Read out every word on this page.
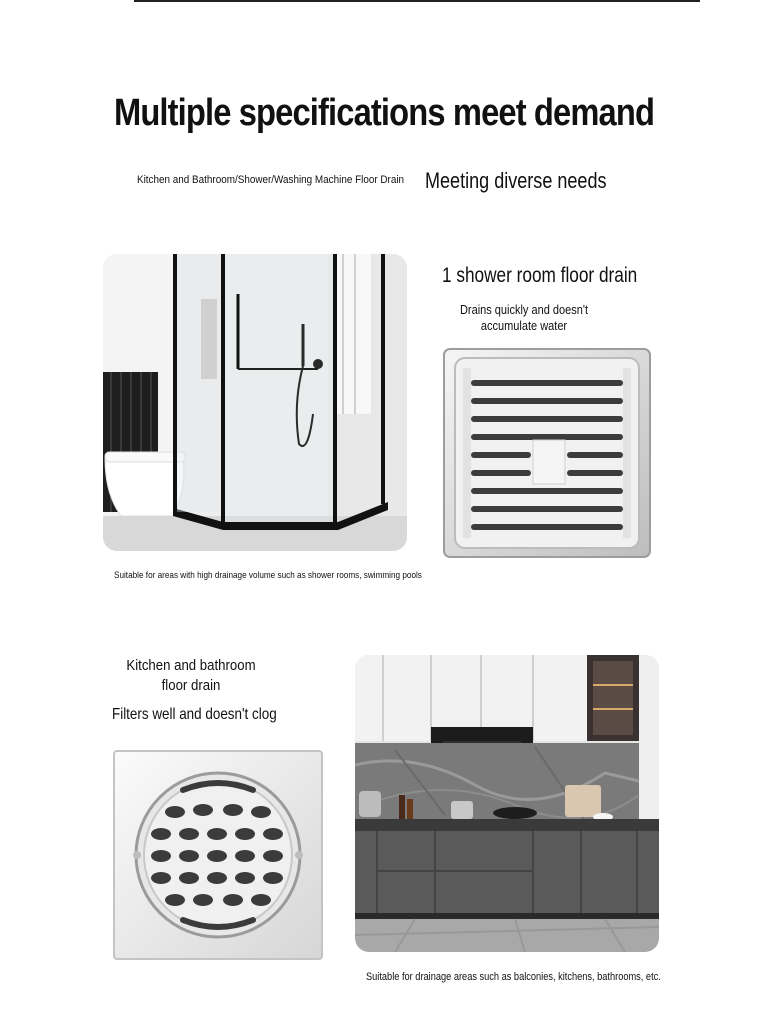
Multiple specifications meet demand
Kitchen and Bathroom/Shower/Washing Machine Floor Drain Meeting diverse needs
1 shower room floor drain
Drains quickly and doesn't accumulate water
Suitable for areas with high drainage volume such as shower rooms, swimming pools
Kitchen and bathroom floor drain
Filters well and doesn't clog
Suitable for drainage areas such as balconies, kitchens, bathrooms, etc.
